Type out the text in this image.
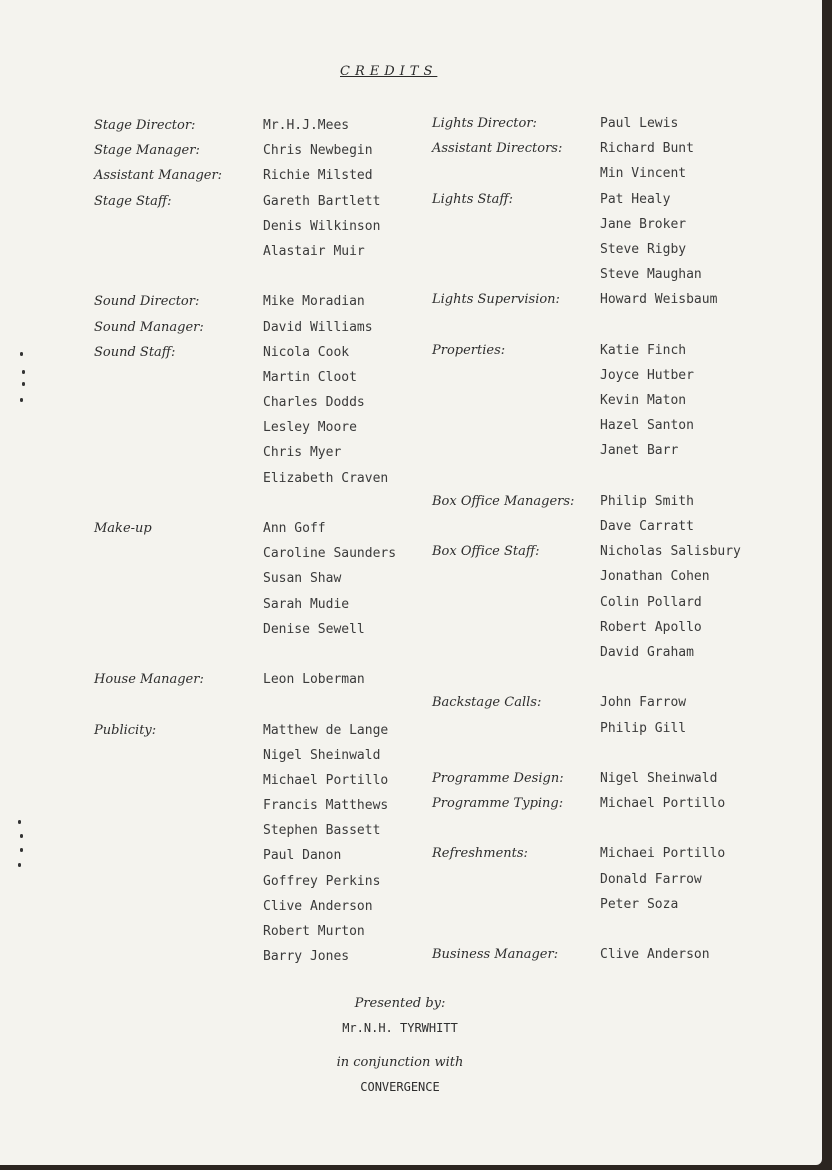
CREDITS
Stage Director:
Stage Manager:
Assistant Manager:
Stage Staff:
Sound Director:
Sound Manager:
Sound Staff:
Make-up
House Manager:
Publicity:
Mr.H.J.Mees
Chris Newbegin
Richie Milsted
Gareth Bartlett
Denis Wilkinson
Alastair Muir
Mike Moradian
David Williams
Nicola Cook
Martin Cloot
Charles Dodds
Lesley Moore
Chris Myer
Elizabeth Craven
Ann Goff
Caroline Saunders
Susan Shaw
Sarah Mudie
Denise Sewell
Leon Loberman
Matthew de Lange
Nigel Sheinwald
Michael Portillo
Francis Matthews
Stephen Bassett
Paul Danon
Goffrey Perkins
Clive Anderson
Robert Murton
Barry Jones
Lights Director:
Assistant Directors:
Lights Staff:
Lights Supervision:
Properties:
Box Office Managers:
Box Office Staff:
Backstage Calls:
Programme Design:
Programme Typing:
Refreshments:
Business Manager:
Paul Lewis
Richard Bunt
Min Vincent
Pat Healy
Jane Broker
Steve Rigby
Steve Maughan
Howard Weisbaum
Katie Finch
Joyce Hutber
Kevin Maton
Hazel Santon
Janet Barr
Philip Smith
Dave Carratt
Nicholas Salisbury
Jonathan Cohen
Colin Pollard
Robert Apollo
David Graham
John Farrow
Philip Gill
Nigel Sheinwald
Michael Portillo
Michaei Portillo
Donald Farrow
Peter Soza
Clive Anderson
Presented by:
Mr.N.H. TYRWHITT
in conjunction with
CONVERGENCE
